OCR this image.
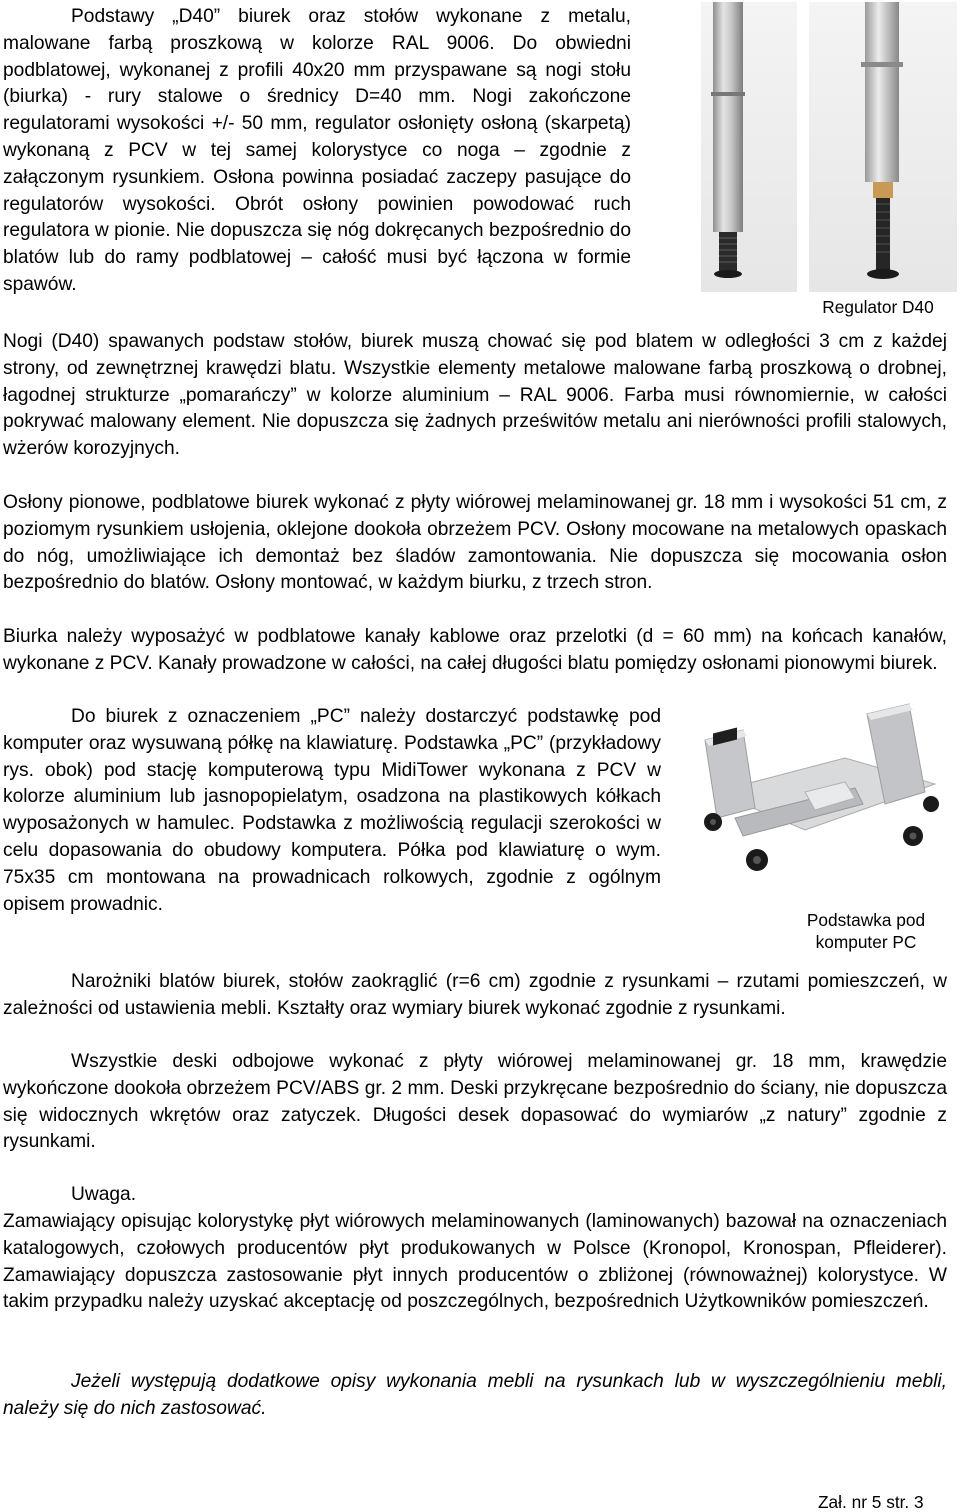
Podstawy „D40” biurek oraz stołów wykonane z metalu, malowane farbą proszkową w kolorze RAL 9006. Do obwiedni podblatowej, wykonanej z profili 40x20 mm przyspawane są nogi stołu (biurka) - rury stalowe o średnicy D=40 mm. Nogi zakończone regulatorami wysokości +/- 50 mm, regulator osłonięty osłoną (skarpetą) wykonaną z PCV w tej samej kolorystyce co noga – zgodnie z załączonym rysunkiem. Osłona powinna posiadać zaczepy pasujące do regulatorów wysokości. Obrót osłony powinien powodować ruch regulatora w pionie. Nie dopuszcza się nóg dokręcanych bezpośrednio do blatów lub do ramy podblatowej – całość musi być łączona w formie spawów.

Regulator D40

Nogi (D40) spawanych podstaw stołów, biurek muszą chować się pod blatem w odległości 3 cm z każdej strony, od zewnętrznej krawędzi blatu. Wszystkie elementy metalowe malowane farbą proszkową o drobnej, łagodnej strukturze „pomarańczy” w kolorze aluminium – RAL 9006. Farba musi równomiernie, w całości pokrywać malowany element. Nie dopuszcza się żadnych prześwitów metalu ani nierówności profili stalowych, wżerów korozyjnych.

Osłony pionowe, podblatowe biurek wykonać z płyty wiórowej melaminowanej gr. 18 mm i wysokości 51 cm, z poziomym rysunkiem usłojenia, oklejone dookoła obrzeżem PCV. Osłony mocowane na metalowych opaskach do nóg, umożliwiające ich demontaż bez śladów zamontowania. Nie dopuszcza się mocowania osłon bezpośrednio do blatów. Osłony montować, w każdym biurku, z trzech stron.

Biurka należy wyposażyć w podblatowe kanały kablowe oraz przelotki (d = 60 mm) na końcach kanałów, wykonane z PCV. Kanały prowadzone w całości, na całej długości blatu pomiędzy osłonami pionowymi biurek.

Do biurek z oznaczeniem „PC” należy dostarczyć podstawkę pod komputer oraz wysuwaną półkę na klawiaturę. Podstawka „PC” (przykładowy rys. obok) pod stację komputerową typu MidiTower wykonana z PCV w kolorze aluminium lub jasnopopielatym, osadzona na plastikowych kółkach wyposażonych w hamulec. Podstawka z możliwością regulacji szerokości w celu dopasowania do obudowy komputera. Półka pod klawiaturę o wym. 75x35 cm montowana na prowadnicach rolkowych, zgodnie z ogólnym opisem prowadnic.

Podstawka pod
komputer PC

Narożniki blatów biurek, stołów zaokrąglić (r=6 cm) zgodnie z rysunkami – rzutami pomieszczeń, w zależności od ustawienia mebli. Kształty oraz wymiary biurek wykonać zgodnie z rysunkami.

Wszystkie deski odbojowe wykonać z płyty wiórowej melaminowanej gr. 18 mm, krawędzie wykończone dookoła obrzeżem PCV/ABS gr. 2 mm. Deski przykręcane bezpośrednio do ściany, nie dopuszcza się widocznych wkrętów oraz zatyczek. Długości desek dopasować do wymiarów „z natury” zgodnie z rysunkami.

Uwaga.

Zamawiający opisując kolorystykę płyt wiórowych melaminowanych (laminowanych) bazował na oznaczeniach katalogowych, czołowych producentów płyt produkowanych w Polsce (Kronopol, Kronospan, Pfleiderer). Zamawiający dopuszcza zastosowanie płyt innych producentów o zbliżonej (równoważnej) kolorystyce. W takim przypadku należy uzyskać akceptację od poszczególnych, bezpośrednich Użytkowników pomieszczeń.

Jeżeli występują dodatkowe opisy wykonania mebli na rysunkach lub w wyszczególnieniu mebli, należy się do nich zastosować.

Zał. nr 5 str. 3
